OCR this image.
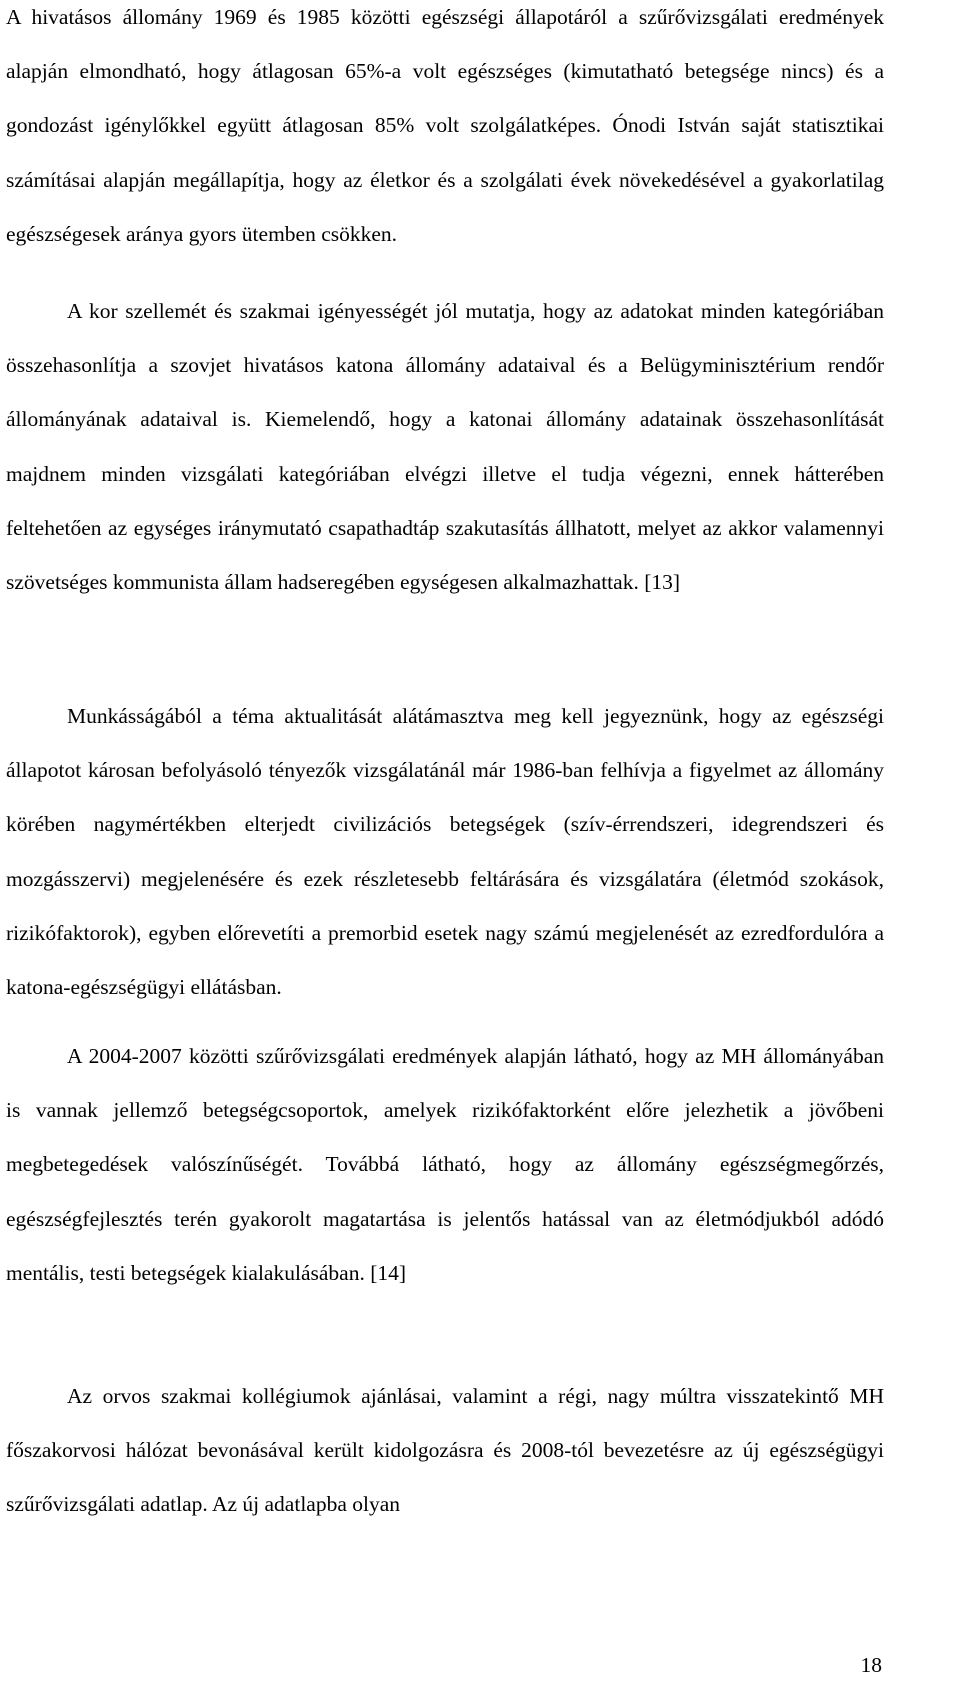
A hivatásos állomány 1969 és 1985 közötti egészségi állapotáról a szűrővizsgálati eredmények alapján elmondható, hogy átlagosan 65%-a volt egészséges (kimutatható betegsége nincs) és a gondozást igénylőkkel együtt átlagosan 85% volt szolgálatképes. Ónodi István saját statisztikai számításai alapján megállapítja, hogy az életkor és a szolgálati évek növekedésével a gyakorlatilag egészségesek aránya gyors ütemben csökken.

A kor szellemét és szakmai igényességét jól mutatja, hogy az adatokat minden kategóriában összehasonlítja a szovjet hivatásos katona állomány adataival és a Belügyminisztérium rendőr állományának adataival is. Kiemelendő, hogy a katonai állomány adatainak összehasonlítását majdnem minden vizsgálati kategóriában elvégzi illetve el tudja végezni, ennek hátterében feltehetően az egységes iránymutató csapathadtáp szakutasítás állhatott, melyet az akkor valamennyi szövetséges kommunista állam hadseregében egységesen alkalmazhattak. [13]

Munkásságából a téma aktualitását alátámasztva meg kell jegyeznünk, hogy az egészségi állapotot károsan befolyásoló tényezők vizsgálatánál már 1986-ban felhívja a figyelmet az állomány körében nagymértékben elterjedt civilizációs betegségek (szív-érrendszeri, idegrendszeri és mozgásszervi) megjelenésére és ezek részletesebb feltárására és vizsgálatára (életmód szokások, rizikófaktorok), egyben előrevetíti a premorbid esetek nagy számú megjelenését az ezredfordulóra a katona-egészségügyi ellátásban.

A 2004-2007 közötti szűrővizsgálati eredmények alapján látható, hogy az MH állományában is vannak jellemző betegségcsoportok, amelyek rizikófaktorként előre jelezhetik a jövőbeni megbetegedések valószínűségét. Továbbá látható, hogy az állomány egészségmegőrzés, egészségfejlesztés terén gyakorolt magatartása is jelentős hatással van az életmódjukból adódó mentális, testi betegségek kialakulásában. [14]

Az orvos szakmai kollégiumok ajánlásai, valamint a régi, nagy múltra visszatekintő MH főszakorvosi hálózat bevonásával került kidolgozásra és 2008-tól bevezetésre az új egészségügyi szűrővizsgálati adatlap. Az új adatlapba olyan

18
